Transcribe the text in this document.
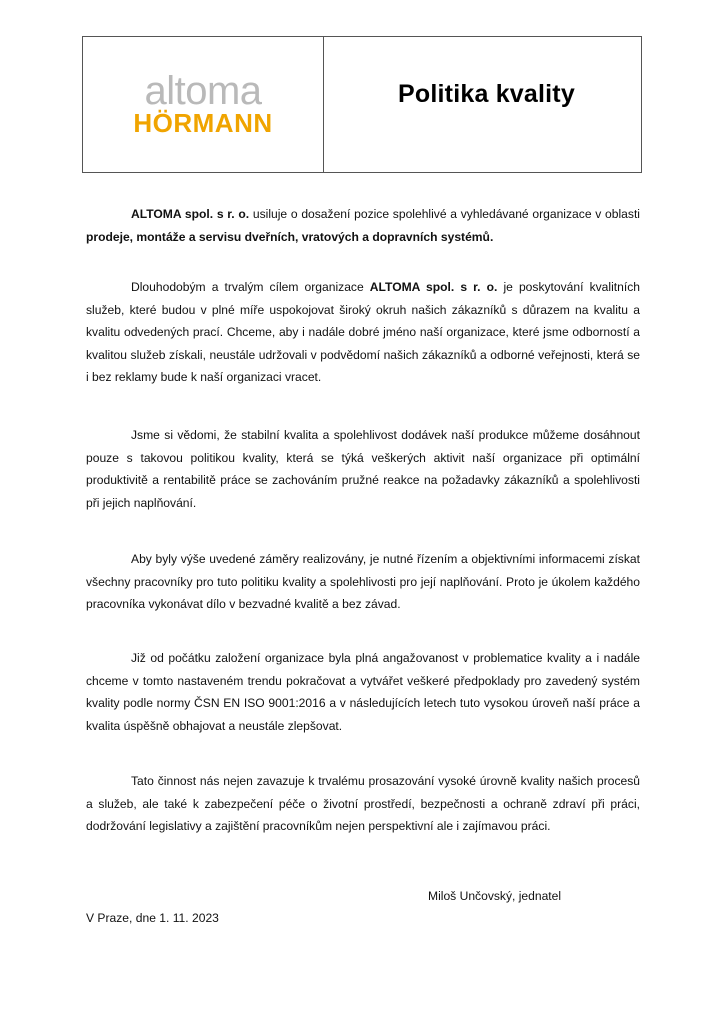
altoma
HÖRMANN
Politika kvality

ALTOMA spol. s r. o. usiluje o dosažení pozice spolehlivé a vyhledávané organizace v oblasti prodeje, montáže a servisu dveřních, vratových a dopravních systémů.

Dlouhodobým a trvalým cílem organizace ALTOMA spol. s r. o. je poskytování kvalitních služeb, které budou v plné míře uspokojovat široký okruh našich zákazníků s důrazem na kvalitu a kvalitu odvedených prací. Chceme, aby i nadále dobré jméno naší organizace, které jsme odborností a kvalitou služeb získali, neustále udržovali v podvědomí našich zákazníků a odborné veřejnosti, která se i bez reklamy bude k naší organizaci vracet.

Jsme si vědomi, že stabilní kvalita a spolehlivost dodávek naší produkce můžeme dosáhnout pouze s takovou politikou kvality, která se týká veškerých aktivit naší organizace při optimální produktivitě a rentabilitě práce se zachováním pružné reakce na požadavky zákazníků a spolehlivosti při jejich naplňování.

Aby byly výše uvedené záměry realizovány, je nutné řízením a objektivními informacemi získat všechny pracovníky pro tuto politiku kvality a spolehlivosti pro její naplňování. Proto je úkolem každého pracovníka vykonávat dílo v bezvadné kvalitě a bez závad.

Již od počátku založení organizace byla plná angažovanost v problematice kvality a i nadále chceme v tomto nastaveném trendu pokračovat a vytvářet veškeré předpoklady pro zavedený systém kvality podle normy ČSN EN ISO 9001:2016 a v následujících letech tuto vysokou úroveň naší práce a kvalita úspěšně obhajovat a neustále zlepšovat.

Tato činnost nás nejen zavazuje k trvalému prosazování vysoké úrovně kvality našich procesů a služeb, ale také k zabezpečení péče o životní prostředí, bezpečnosti a ochraně zdraví při práci, dodržování legislativy a zajištění pracovníkům nejen perspektivní ale i zajímavou práci.

Miloš Unčovský, jednatel
V Praze, dne 1. 11. 2023
